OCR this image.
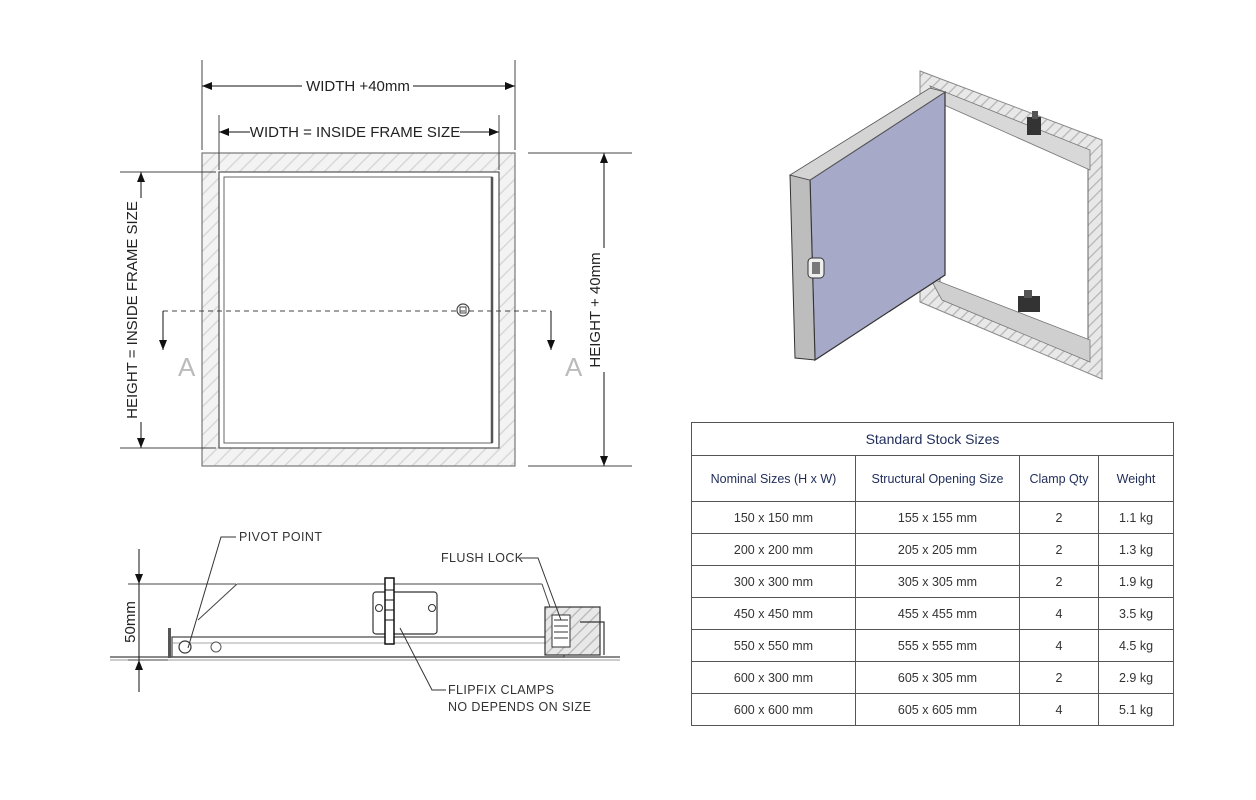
A	A
WIDTH +40mm
WIDTH = INSIDE FRAME SIZE
HEIGHT = INSIDE FRAME SIZE	HEIGHT + 40mm
50mm
PIVOT POINT
FLUSH LOCK
FLIPFIX CLAMPS
NO DEPENDS ON SIZE
Standard Stock Sizes			
Nominal Sizes (H x W)	Structural Opening Size	Clamp Qty	Weight
150 x 150 mm	155 x 155 mm	2	1.1 kg
200 x 200 mm	205 x 205 mm	2	1.3 kg
300 x 300 mm	305 x 305 mm	2	1.9 kg
450 x 450 mm	455 x 455 mm	4	3.5 kg
550 x 550 mm	555 x 555 mm	4	4.5 kg
600 x 300 mm	605 x 305 mm	2	2.9 kg
600 x 600 mm	605 x 605 mm	4	5.1 kg
